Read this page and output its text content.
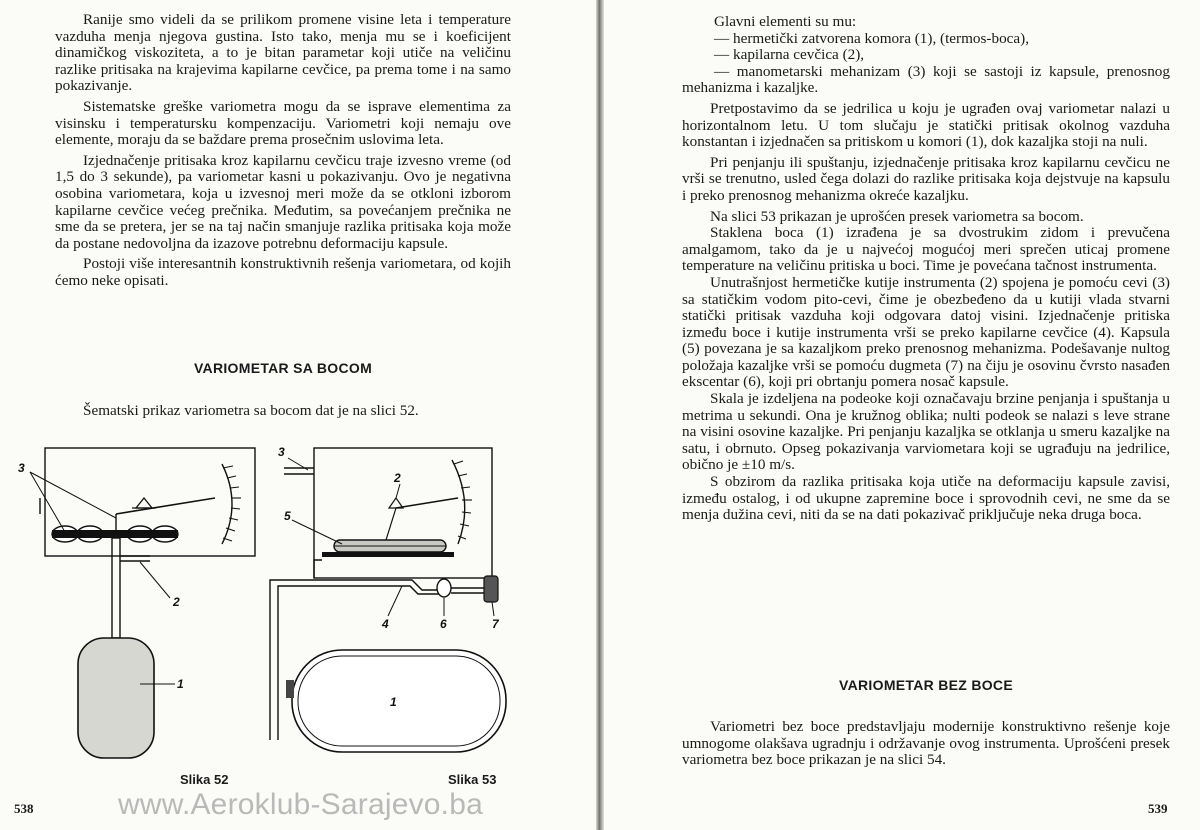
Ranije smo videli da se prilikom promene visine leta i temperature vazduha menja njegova gustina. Isto tako, menja mu se i koeficijent dinamičkog viskoziteta, a to je bitan parametar koji utiče na veličinu razlike pritisaka na krajevima kapilarne cevčice, pa prema tome i na samo pokazivanje.

Sistematske greške variometra mogu da se isprave elementima za visinsku i temperatursku kompenzaciju. Variometri koji nemaju ove elemente, moraju da se baždare prema prosečnim uslovima leta.

Izjednačenje pritisaka kroz kapilarnu cevčicu traje izvesno vreme (od 1,5 do 3 sekunde), pa variometar kasni u pokazivanju. Ovo je negativna osobina variometara, koja u izvesnoj meri može da se otkloni izborom kapilarne cevčice većeg prečnika. Međutim, sa povećanjem prečnika ne sme da se pretera, jer se na taj način smanjuje razlika pritisaka koja može da postane nedovoljna da izazove potrebnu deformaciju kapsule.

Postoji više interesantnih konstruktivnih rešenja variometara, od kojih ćemo neke opisati.

VARIOMETAR SA BOCOM

Šematski prikaz variometra sa bocom dat je na slici 52.

3
2
1
3
2
5
4	6	7
1
Slika 52	Slika 53
538	www.Aeroklub-Sarajevo.ba

Glavni elementi su mu:

— hermetički zatvorena komora (1), (termos-boca),

— kapilarna cevčica (2),

— manometarski mehanizam (3) koji se sastoji iz kapsule, prenosnog mehanizma i kazaljke.

Pretpostavimo da se jedrilica u koju je ugrađen ovaj variometar nalazi u horizontalnom letu. U tom slučaju je statički pritisak okolnog vazduha konstantan i izjednačen sa pritiskom u komori (1), dok kazaljka stoji na nuli.

Pri penjanju ili spuštanju, izjednačenje pritisaka kroz kapilarnu cevčicu ne vrši se trenutno, usled čega dolazi do razlike pritisaka koja dejstvuje na kapsulu i preko prenosnog mehanizma okreće kazaljku.

Na slici 53 prikazan je uprošćen presek variometra sa bocom.

Staklena boca (1) izrađena je sa dvostrukim zidom i prevučena amalgamom, tako da je u najvećoj mogućoj meri sprečen uticaj promene temperature na veličinu pritiska u boci. Time je povećana tačnost instrumenta.

Unutrašnjost hermetičke kutije instrumenta (2) spojena je pomoću cevi (3) sa statičkim vodom pito-cevi, čime je obezbeđeno da u kutiji vlada stvarni statički pritisak vazduha koji odgovara datoj visini. Izjednačenje pritiska između boce i kutije instrumenta vrši se preko kapilarne cevčice (4). Kapsula (5) povezana je sa kazaljkom preko prenosnog mehanizma. Podešavanje nultog položaja kazaljke vrši se pomoću dugmeta (7) na čiju je osovinu čvrsto nasađen ekscentar (6), koji pri obrtanju pomera nosač kapsule.

Skala je izdeljena na podeoke koji označavaju brzine penjanja i spuštanja u metrima u sekundi. Ona je kružnog oblika; nulti podeok se nalazi s leve strane na visini osovine kazaljke. Pri penjanju kazaljka se otklanja u smeru kazaljke na satu, i obrnuto. Opseg pokazivanja varviometara koji se ugrađuju na jedrilice, obično je ±10 m/s.

S obzirom da razlika pritisaka koja utiče na deformaciju kapsule zavisi, između ostalog, i od ukupne zapremine boce i sprovodnih cevi, ne sme da se menja dužina cevi, niti da se na dati pokazivač priključuje neka druga boca.

VARIOMETAR BEZ BOCE

Variometri bez boce predstavljaju modernije konstruktivno rešenje koje umnogome olakšava ugradnju i održavanje ovog instrumenta. Uprošćeni presek variometra bez boce prikazan je na slici 54.

539
